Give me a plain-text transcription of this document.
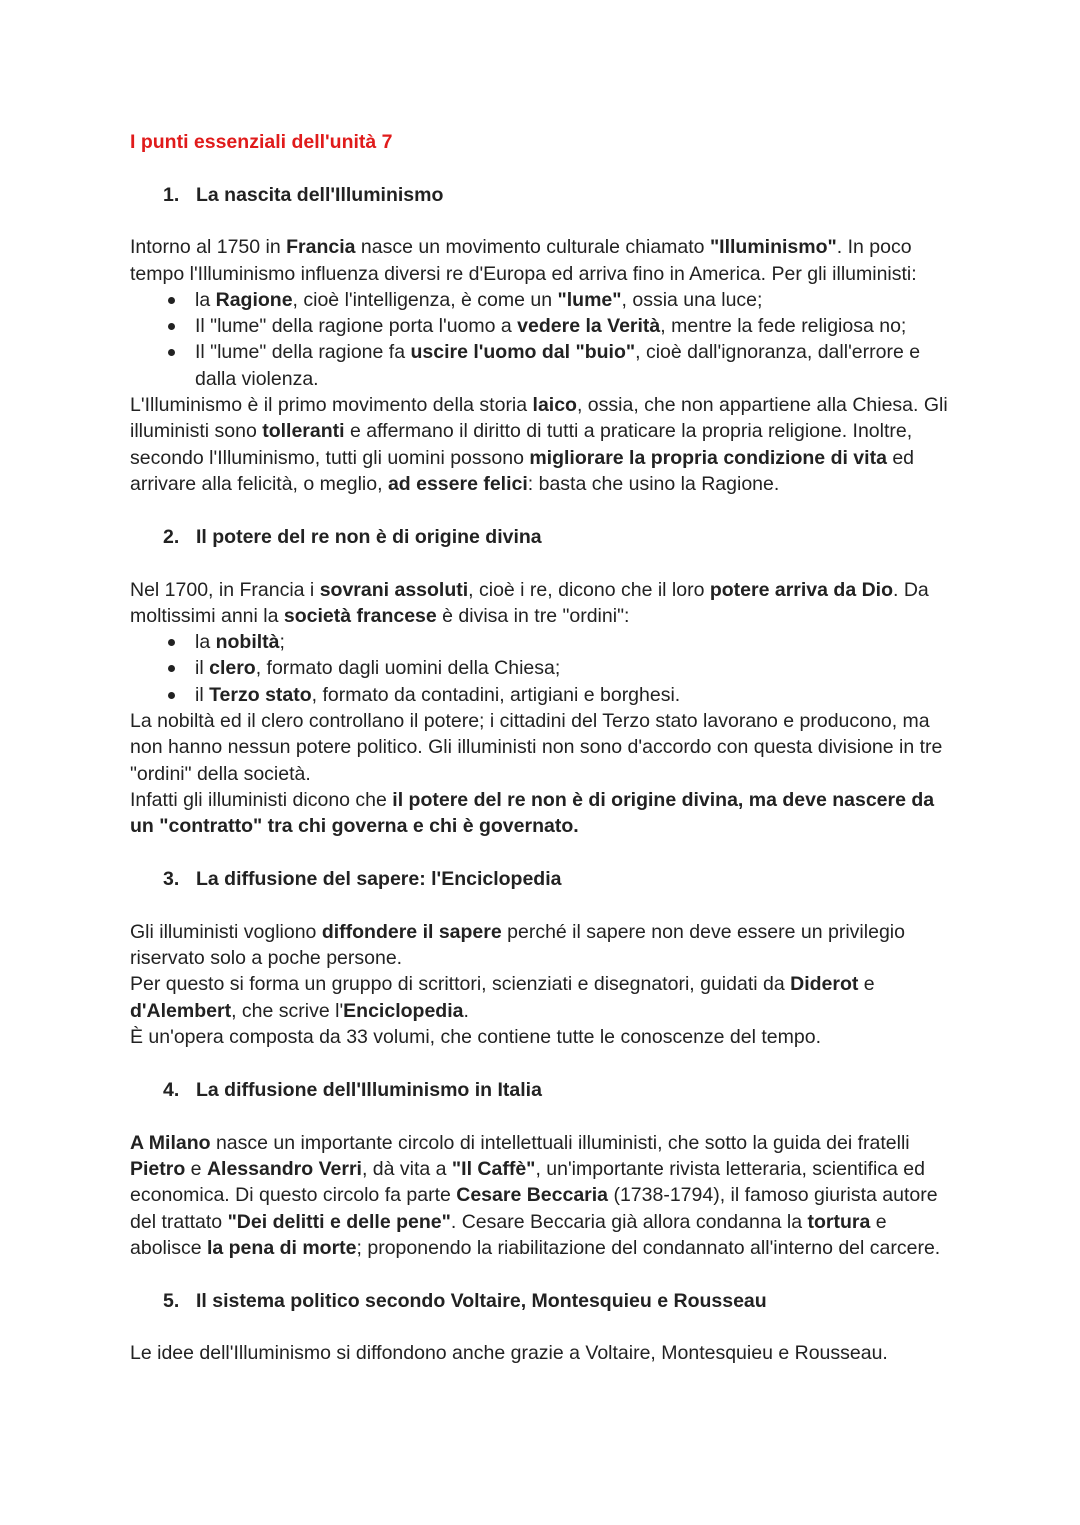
I punti essenziali dell'unità 7
1. La nascita dell'Illuminismo

Intorno al 1750 in Francia nasce un movimento culturale chiamato "Illuminismo". In poco tempo l'Illuminismo influenza diversi re d'Europa ed arriva fino in America. Per gli illuministi:

la Ragione, cioè l'intelligenza, è come un "lume", ossia una luce;
Il "lume" della ragione porta l'uomo a vedere la Verità, mentre la fede religiosa no;
Il "lume" della ragione fa uscire l'uomo dal "buio", cioè dall'ignoranza, dall'errore e dalla violenza.

L'Illuminismo è il primo movimento della storia laico, ossia, che non appartiene alla Chiesa. Gli illuministi sono tolleranti e affermano il diritto di tutti a praticare la propria religione. Inoltre, secondo l'Illuminismo, tutti gli uomini possono migliorare la propria condizione di vita ed arrivare alla felicità, o meglio, ad essere felici: basta che usino la Ragione.

2. Il potere del re non è di origine divina

Nel 1700, in Francia i sovrani assoluti, cioè i re, dicono che il loro potere arriva da Dio. Da moltissimi anni la società francese è divisa in tre "ordini":

la nobiltà;
il clero, formato dagli uomini della Chiesa;
il Terzo stato, formato da contadini, artigiani e borghesi.

La nobiltà ed il clero controllano il potere; i cittadini del Terzo stato lavorano e producono, ma non hanno nessun potere politico. Gli illuministi non sono d'accordo con questa divisione in tre "ordini" della società.

Infatti gli illuministi dicono che il potere del re non è di origine divina, ma deve nascere da un "contratto" tra chi governa e chi è governato.

3. La diffusione del sapere: l'Enciclopedia

Gli illuministi vogliono diffondere il sapere perché il sapere non deve essere un privilegio riservato solo a poche persone.

Per questo si forma un gruppo di scrittori, scienziati e disegnatori, guidati da Diderot e d'Alembert, che scrive l'Enciclopedia.

È un'opera composta da 33 volumi, che contiene tutte le conoscenze del tempo.

4. La diffusione dell'Illuminismo in Italia

A Milano nasce un importante circolo di intellettuali illuministi, che sotto la guida dei fratelli Pietro e Alessandro Verri, dà vita a "Il Caffè", un'importante rivista letteraria, scientifica ed economica. Di questo circolo fa parte Cesare Beccaria (1738-1794), il famoso giurista autore del trattato "Dei delitti e delle pene". Cesare Beccaria già allora condanna la tortura e abolisce la pena di morte; proponendo la riabilitazione del condannato all'interno del carcere.

5. Il sistema politico secondo Voltaire, Montesquieu e Rousseau

Le idee dell'Illuminismo si diffondono anche grazie a Voltaire, Montesquieu e Rousseau.
